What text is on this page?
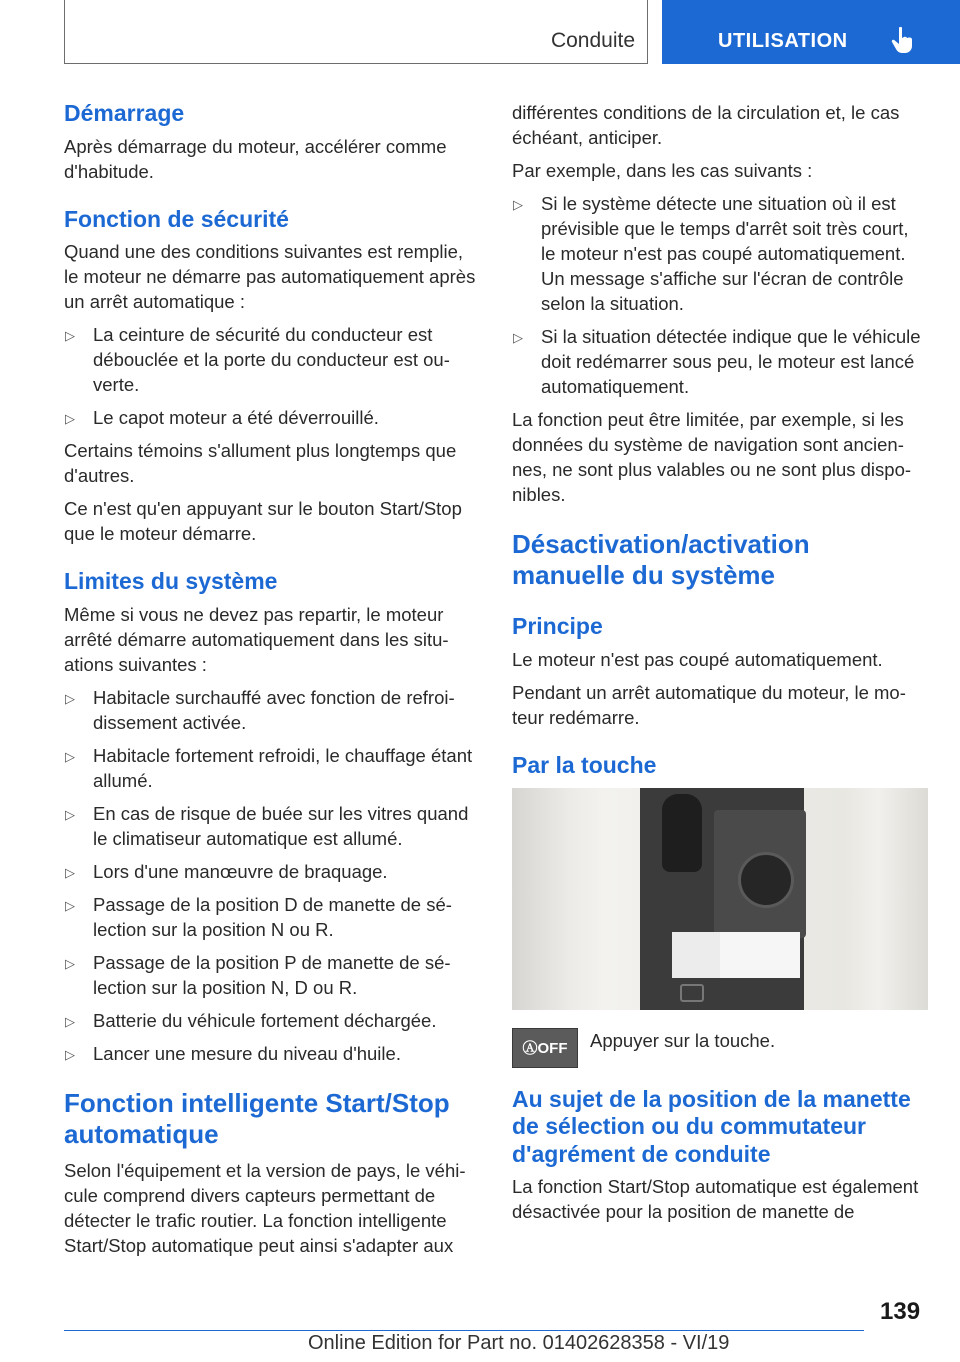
Conduite	UTILISATION
Démarrage

Après démarrage du moteur, accélérer comme d'habitude.

Fonction de sécurité

Quand une des conditions suivantes est remplie, le moteur ne démarre pas automatiquement après un arrêt automatique :

▷ La ceinture de sécurité du conducteur est débouclée et la porte du conducteur est ouverte.
▷ Le capot moteur a été déverrouillé.

Certains témoins s'allument plus longtemps que d'autres.

Ce n'est qu'en appuyant sur le bouton Start/Stop que le moteur démarre.

Limites du système

Même si vous ne devez pas repartir, le moteur arrêté démarre automatiquement dans les situations suivantes :

▷ Habitacle surchauffé avec fonction de refroidissement activée.
▷ Habitacle fortement refroidi, le chauffage étant allumé.
▷ En cas de risque de buée sur les vitres quand le climatiseur automatique est allumé.
▷ Lors d'une manœuvre de braquage.
▷ Passage de la position D de manette de sélection sur la position N ou R.
▷ Passage de la position P de manette de sélection sur la position N, D ou R.
▷ Batterie du véhicule fortement déchargée.
▷ Lancer une mesure du niveau d'huile.
Fonction intelligente Start/Stop automatique

Selon l'équipement et la version de pays, le véhicule comprend divers capteurs permettant de détecter le trafic routier. La fonction intelligente Start/Stop automatique peut ainsi s'adapter aux

différentes conditions de la circulation et, le cas échéant, anticiper.

Par exemple, dans les cas suivants :

▷ Si le système détecte une situation où il est prévisible que le temps d'arrêt soit très court, le moteur n'est pas coupé automatiquement. Un message s'affiche sur l'écran de contrôle selon la situation.
▷ Si la situation détectée indique que le véhicule doit redémarrer sous peu, le moteur est lancé automatiquement.

La fonction peut être limitée, par exemple, si les données du système de navigation sont anciennes, ne sont plus valables ou ne sont plus disponibles.

Désactivation/activation manuelle du système
Principe

Le moteur n'est pas coupé automatiquement.

Pendant un arrêt automatique du moteur, le moteur redémarre.

Par la touche
ⒶOFF	Appuyer sur la touche.
Au sujet de la position de la manette de sélection ou du commutateur d'agrément de conduite

La fonction Start/Stop automatique est également désactivée pour la position de manette de

139
Online Edition for Part no. 01402628358 - VI/19
